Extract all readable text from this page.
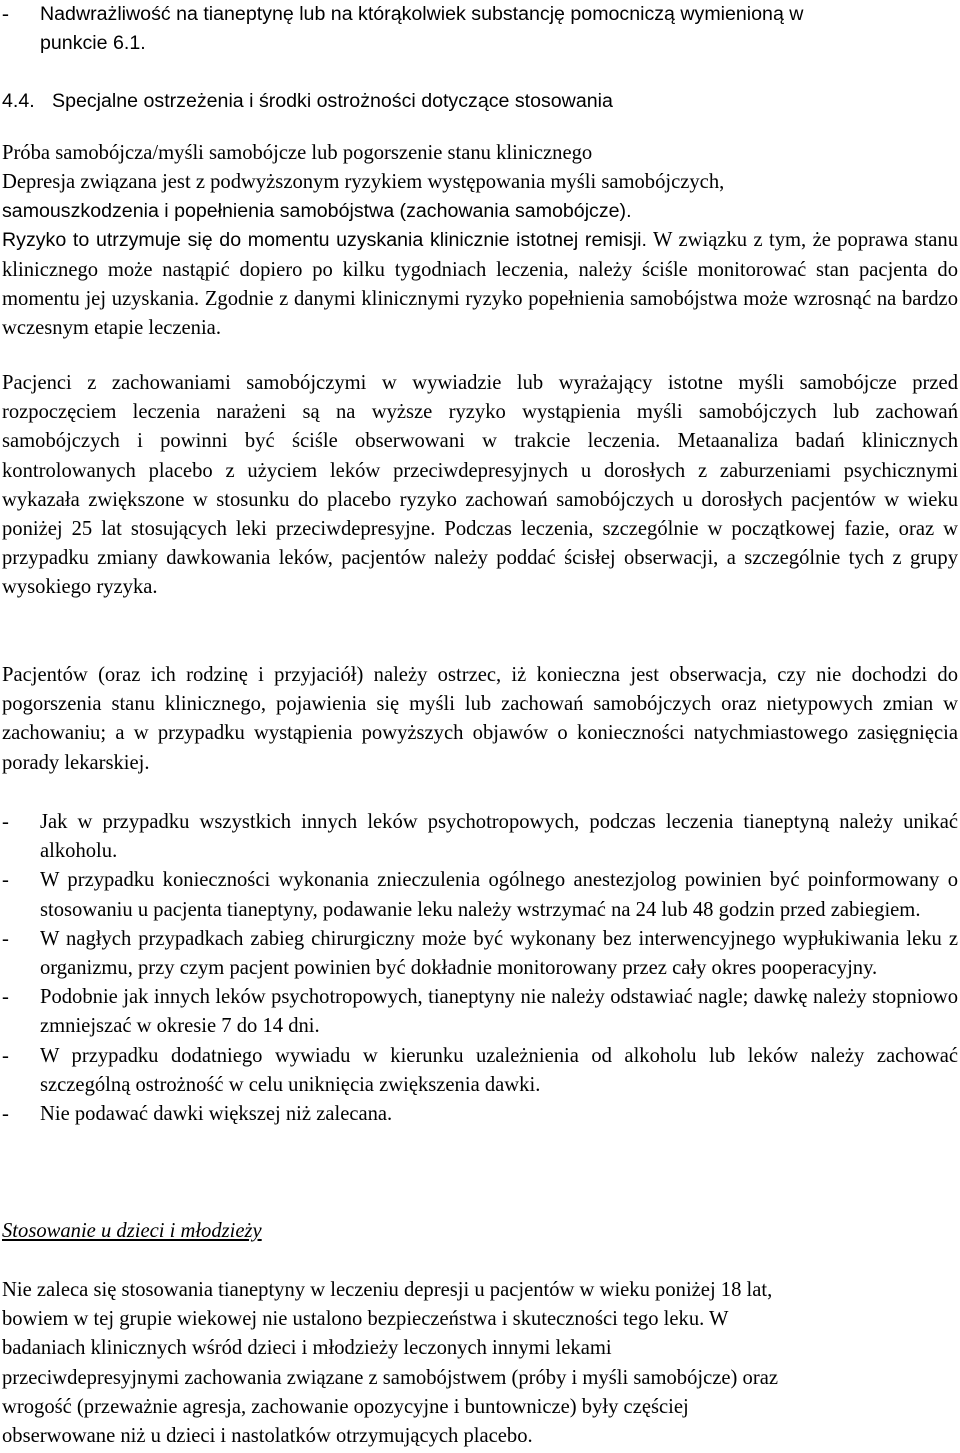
-	Nadwrażliwość na tianeptynę lub na którąkolwiek substancję pomocniczą wymienioną w

punkcie 6.1.

4.4. Specjalne ostrzeżenia i środki ostrożności dotyczące stosowania

Próba samobójcza/myśli samobójcze lub pogorszenie stanu klinicznego

Depresja związana jest z podwyższonym ryzykiem występowania myśli samobójczych,

samouszkodzenia i popełnienia samobójstwa (zachowania samobójcze).

Ryzyko to utrzymuje się do momentu uzyskania klinicznie istotnej remisji. W związku z tym, że poprawa stanu klinicznego może nastąpić dopiero po kilku tygodniach leczenia, należy ściśle monitorować stan pacjenta do momentu jej uzyskania. Zgodnie z danymi klinicznymi ryzyko popełnienia samobójstwa może wzrosnąć na bardzo wczesnym etapie leczenia.

Pacjenci z zachowaniami samobójczymi w wywiadzie lub wyrażający istotne myśli samobójcze przed rozpoczęciem leczenia narażeni są na wyższe ryzyko wystąpienia myśli samobójczych lub zachowań samobójczych i powinni być ściśle obserwowani w trakcie leczenia. Metaanaliza badań klinicznych kontrolowanych placebo z użyciem leków przeciwdepresyjnych u dorosłych z zaburzeniami psychicznymi wykazała zwiększone w stosunku do placebo ryzyko zachowań samobójczych u dorosłych pacjentów w wieku poniżej 25 lat stosujących leki przeciwdepresyjne. Podczas leczenia, szczególnie w początkowej fazie, oraz w przypadku zmiany dawkowania leków, pacjentów należy poddać ścisłej obserwacji, a szczególnie tych z grupy wysokiego ryzyka.

Pacjentów (oraz ich rodzinę i przyjaciół) należy ostrzec, iż konieczna jest obserwacja, czy nie dochodzi do pogorszenia stanu klinicznego, pojawienia się myśli lub zachowań samobójczych oraz nietypowych zmian w zachowaniu; a w przypadku wystąpienia powyższych objawów o konieczności natychmiastowego zasięgnięcia porady lekarskiej.

-	Jak w przypadku wszystkich innych leków psychotropowych, podczas leczenia tianeptyną należy unikać alkoholu.

-	W przypadku konieczności wykonania znieczulenia ogólnego anestezjolog powinien być poinformowany o stosowaniu u pacjenta tianeptyny, podawanie leku należy wstrzymać na 24 lub 48 godzin przed zabiegiem.

-	W nagłych przypadkach zabieg chirurgiczny może być wykonany bez interwencyjnego wypłukiwania leku z organizmu, przy czym pacjent powinien być dokładnie monitorowany przez cały okres pooperacyjny.

-	Podobnie jak innych leków psychotropowych, tianeptyny nie należy odstawiać nagle; dawkę należy stopniowo zmniejszać w okresie 7 do 14 dni.

-	W przypadku dodatniego wywiadu w kierunku uzależnienia od alkoholu lub leków należy zachować szczególną ostrożność w celu uniknięcia zwiększenia dawki.

-	Nie podawać dawki większej niż zalecana.

Stosowanie u dzieci i młodzieży

Nie zaleca się stosowania tianeptyny w leczeniu depresji u pacjentów w wieku poniżej 18 lat,

bowiem w tej grupie wiekowej nie ustalono bezpieczeństwa i skuteczności tego leku. W

badaniach klinicznych wśród dzieci i młodzieży leczonych innymi lekami

przeciwdepresyjnymi zachowania związane z samobójstwem (próby i myśli samobójcze) oraz

wrogość (przeważnie agresja, zachowanie opozycyjne i buntownicze) były częściej

obserwowane niż u dzieci i nastolatków otrzymujących placebo.
